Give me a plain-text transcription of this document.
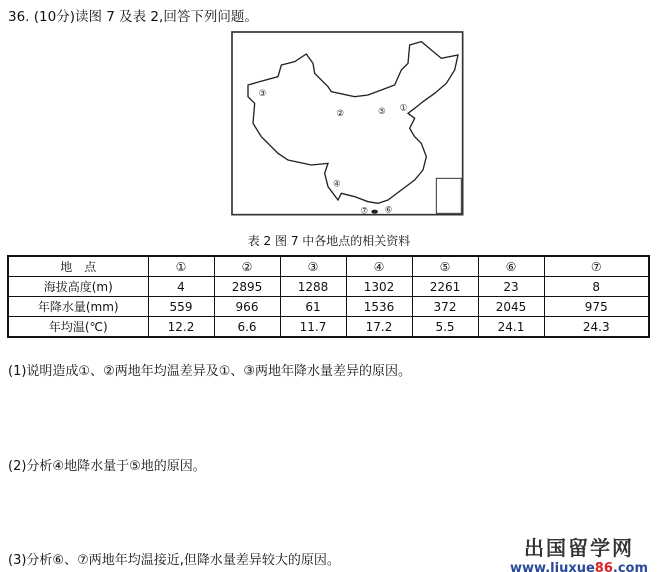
36. (10分)读图 7 及表 2,回答下列问题。
①
②
③
④
⑤
⑥
⑦
表 2 图 7 中各地点的相关资料
地　点	①	②	③	④	⑤	⑥	⑦
海拔高度(m)	4	2895	1288	1302	2261	23	8
年降水量(mm)	559	966	61	1536	372	2045	975
年均温(℃)	12.2	6.6	11.7	17.2	5.5	24.1	24.3
(1)说明造成①、②两地年均温差异及①、③两地年降水量差异的原因。
(2)分析④地降水量于⑤地的原因。
(3)分析⑥、⑦两地年均温接近,但降水量差异较大的原因。
出国留学网
www.liuxue86.com
